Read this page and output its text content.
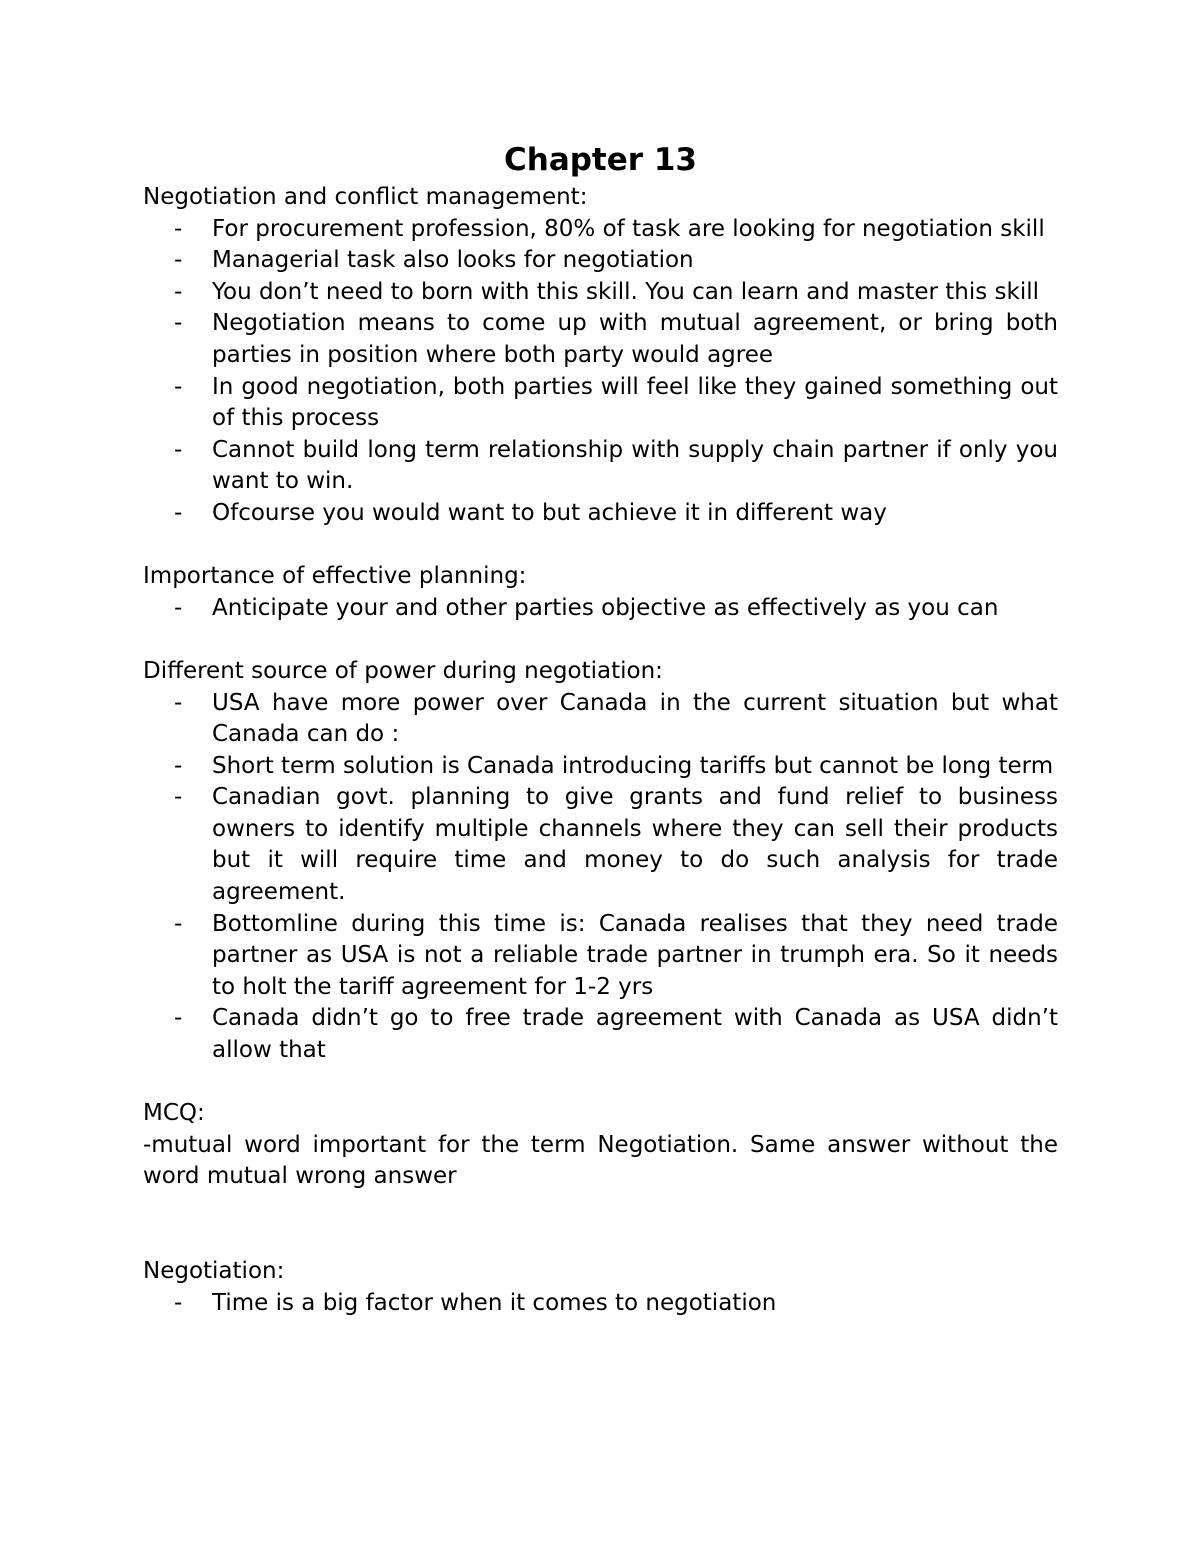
Chapter 13

Negotiation and conflict management:

- For procurement profession, 80% of task are looking for negotiation skill
- Managerial task also looks for negotiation
- You don’t need to born with this skill. You can learn and master this skill
- Negotiation means to come up with mutual agreement, or bring both parties in position where both party would agree
- In good negotiation, both parties will feel like they gained something out of this process
- Cannot build long term relationship with supply chain partner if only you want to win.
- Ofcourse you would want to but achieve it in different way

Importance of effective planning:

- Anticipate your and other parties objective as effectively as you can

Different source of power during negotiation:

- USA have more power over Canada in the current situation but what Canada can do :
- Short term solution is Canada introducing tariffs but cannot be long term
- Canadian govt. planning to give grants and fund relief to business owners to identify multiple channels where they can sell their products but it will require time and money to do such analysis for trade agreement.
- Bottomline during this time is: Canada realises that they need trade partner as USA is not a reliable trade partner in trumph era. So it needs to holt the tariff agreement for 1-2 yrs
- Canada didn’t go to free trade agreement with Canada as USA didn’t allow that

MCQ:

-mutual word important for the term Negotiation. Same answer without the word mutual wrong answer

Negotiation:

- Time is a big factor when it comes to negotiation
